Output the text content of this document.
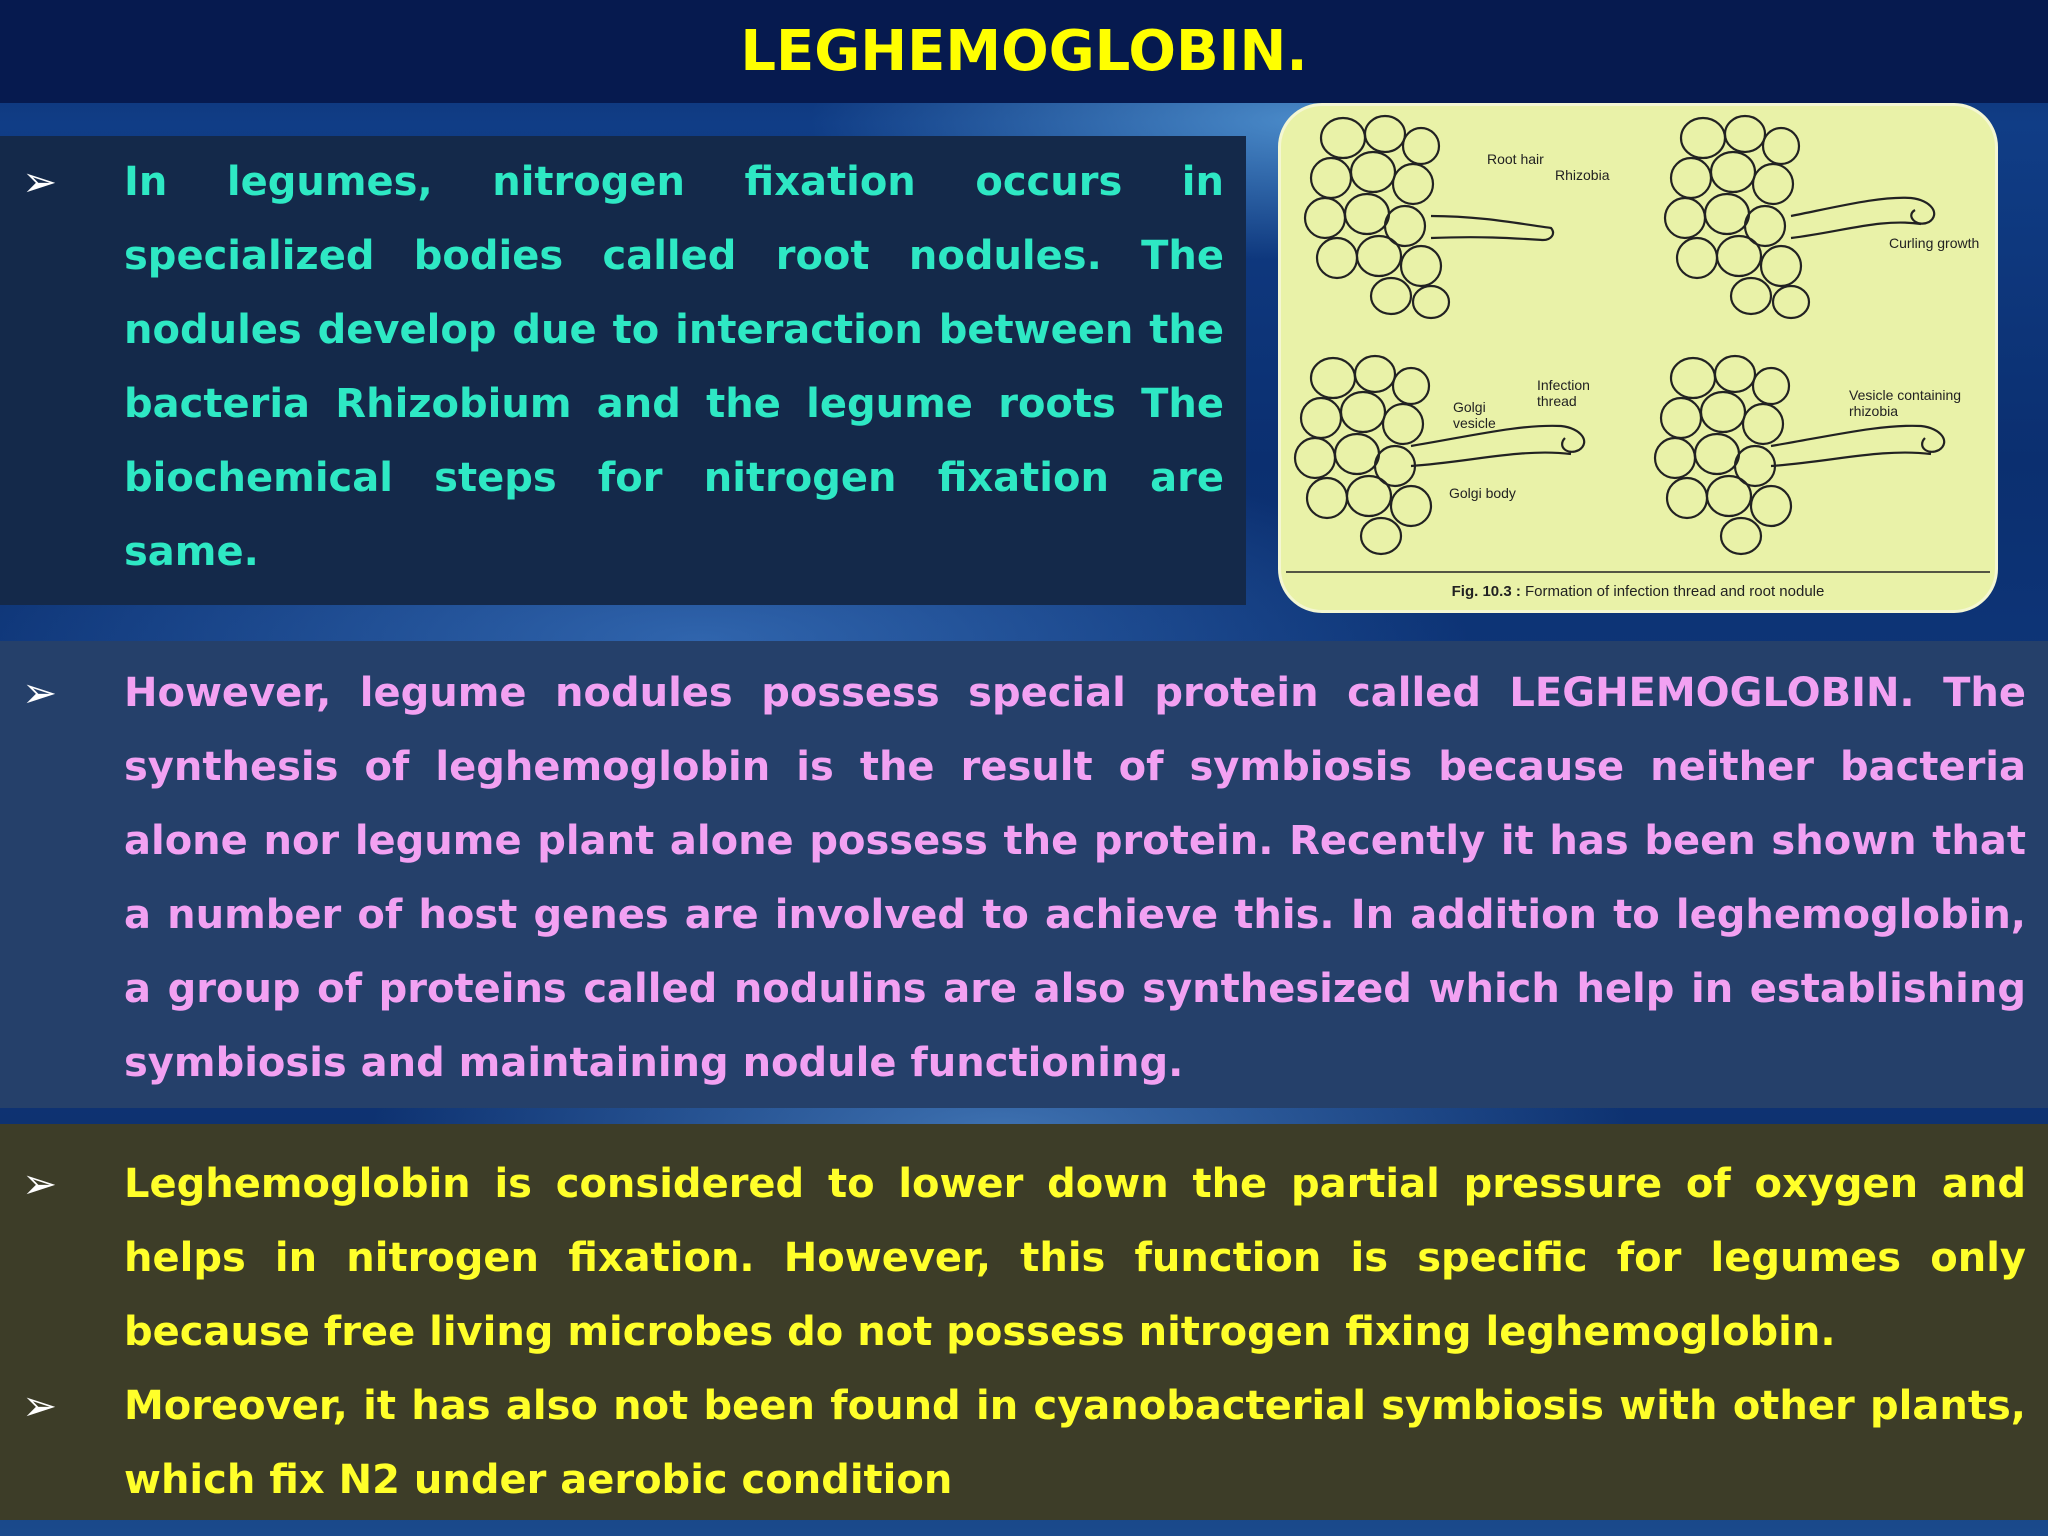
LEGHEMOGLOBIN.
➢	In legumes, nitrogen fixation occurs in specialized bodies called root nodules. The nodules develop due to interaction between the bacteria Rhizobium and the legume roots The biochemical steps for nitrogen fixation are same.
Root hair
Rhizobia
Curling growth
Golgi
vesicle
Infection
thread
Golgi body
Vesicle containing
rhizobia
Fig. 10.3 : Formation of infection thread and root nodule
➢	However, legume nodules possess special protein called LEGHEMOGLOBIN. The synthesis of leghemoglobin is the result of symbiosis because neither bacteria alone nor legume plant alone possess the protein. Recently it has been shown that a number of host genes are involved to achieve this. In addition to leghemoglobin, a group of proteins called nodulins are also synthesized which help in establishing symbiosis and maintaining nodule functioning.
➢	Leghemoglobin is considered to lower down the partial pressure of oxygen and helps in nitrogen fixation. However, this function is specific for legumes only because free living microbes do not possess nitrogen fixing leghemoglobin.
➢	Moreover, it has also not been found in cyanobacterial symbiosis with other plants, which fix N2 under aerobic condition
